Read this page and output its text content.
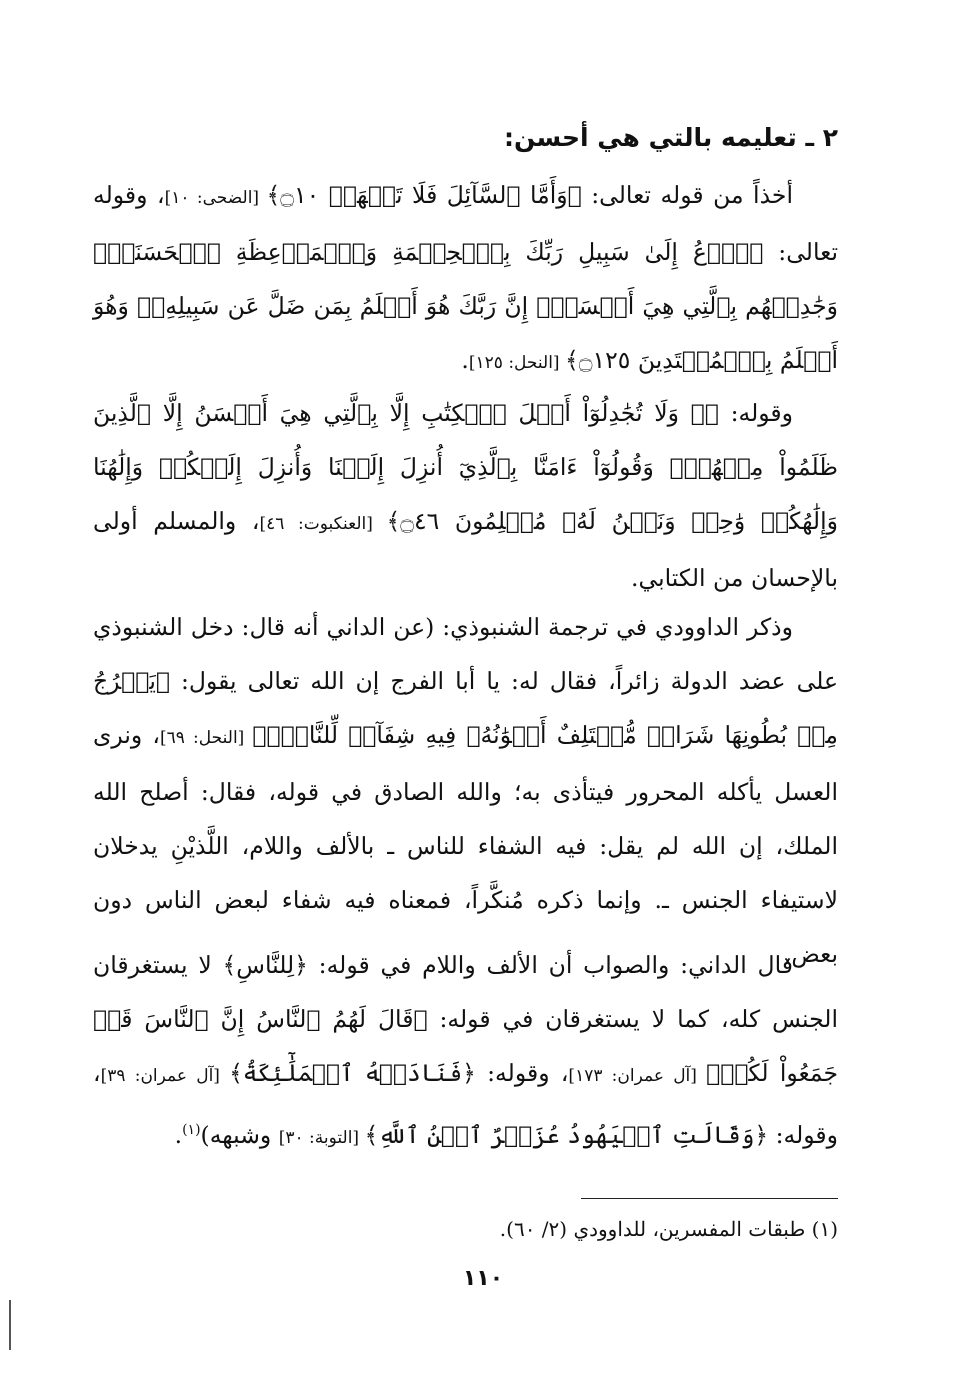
٢ ـ تعليمه بالتي هي أحسن:
أخذاً من قوله تعالى: ﴿وَأَمَّا ٱلسَّآئِلَ فَلَا تَنۡهَرۡ ۝١٠﴾ [الضحى: ١٠]، وقوله تعالى: ﴿ٱدۡعُ إِلَىٰ سَبِيلِ رَبِّكَ بِٱلۡحِكۡمَةِ وَٱلۡمَوۡعِظَةِ ٱلۡحَسَنَةِۖ وَجَٰدِلۡهُم بِٱلَّتِي هِيَ أَحۡسَنُۚ إِنَّ رَبَّكَ هُوَ أَعۡلَمُ بِمَن ضَلَّ عَن سَبِيلِهِۦۖ وَهُوَ أَعۡلَمُ بِٱلۡمُهۡتَدِينَ ۝١٢٥﴾ [النحل: ١٢٥].
وقوله: ﴿۞ وَلَا تُجَٰدِلُوٓاْ أَهۡلَ ٱلۡكِتَٰبِ إِلَّا بِٱلَّتِي هِيَ أَحۡسَنُ إِلَّا ٱلَّذِينَ ظَلَمُواْ مِنۡهُمۡۖ وَقُولُوٓاْ ءَامَنَّا بِٱلَّذِيٓ أُنزِلَ إِلَيۡنَا وَأُنزِلَ إِلَيۡكُمۡ وَإِلَٰهُنَا وَإِلَٰهُكُمۡ وَٰحِدٞ وَنَحۡنُ لَهُۥ مُسۡلِمُونَ ۝٤٦﴾ [العنكبوت: ٤٦]، والمسلم أولى بالإحسان من الكتابي.
وذكر الداوودي في ترجمة الشنبوذي: (عن الداني أنه قال: دخل الشنبوذي على عضد الدولة زائراً، فقال له: يا أبا الفرج إن الله تعالى يقول: ﴿يَخۡرُجُ مِنۢ بُطُونِهَا شَرَابٞ مُّخۡتَلِفٌ أَلۡوَٰنُهُۥ فِيهِ شِفَآءٞ لِّلنَّاسِۚ﴾ [النحل: ٦٩]، ونرى العسل يأكله المحرور فيتأذى به؛ والله الصادق في قوله، فقال: أصلح الله الملك، إن الله لم يقل: فيه الشفاء للناس ـ بالألف واللام، اللَّذيْنِ يدخلان لاستيفاء الجنس ـ. وإنما ذكره مُنكَّراً، فمعناه فيه شفاء لبعض الناس دون بعض.
قال الداني: والصواب أن الألف واللام في قوله: ﴿لِلنَّاسِ﴾ لا يستغرقان الجنس كله، كما لا يستغرقان في قوله: ﴿قَالَ لَهُمُ ٱلنَّاسُ إِنَّ ٱلنَّاسَ قَدۡ جَمَعُواْ لَكُمۡ﴾ [آل عمران: ١٧٣]، وقوله: ﴿فَنَادَتۡهُ ٱلۡمَلَٰٓئِكَةُ﴾ [آل عمران: ٣٩]، وقوله: ﴿وَقَالَتِ ٱلۡيَهُودُ عُزَيۡرٌ ٱبۡنُ ٱللَّهِ﴾ [التوبة: ٣٠] وشبهه)$^{(١)}$.
(١) طبقات المفسرين، للداوودي (٢/ ٦٠).
١١٠
